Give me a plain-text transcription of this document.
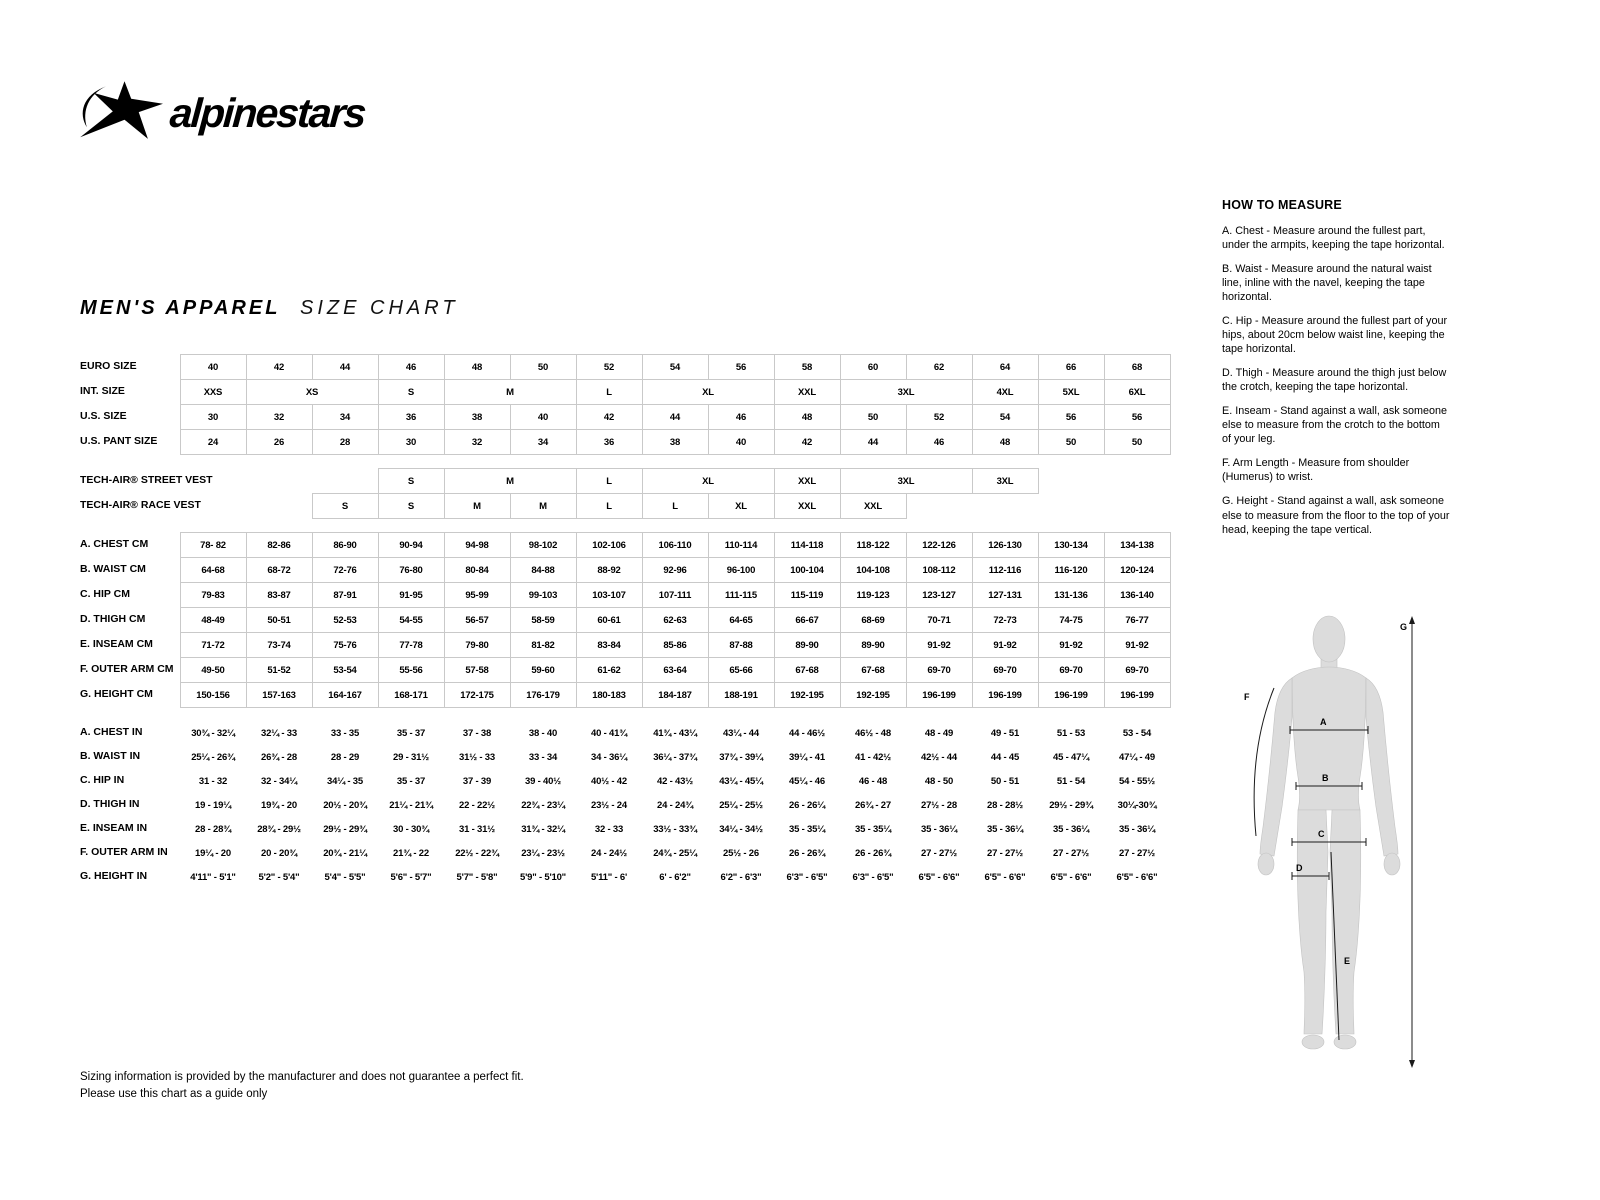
alpinestars
MEN'S APPAREL SIZE CHART
EURO SIZE	40	42	44	46	48	50	52	54	56	58	60	62	64	66	68
INT. SIZE	XXS	XS		S	M		L	XL		XXL	3XL		4XL	5XL	6XL
U.S. SIZE	30	32	34	36	38	40	42	44	46	48	50	52	54	56	56
U.S. PANT SIZE	24	26	28	30	32	34	36	38	40	42	44	46	48	50	50

TECH-AIR® STREET VEST				S	M		L	XL		XXL	3XL		3XL		
TECH-AIR® RACE VEST			S	S	M	M	L	L	XL	XXL	XXL				

A. CHEST CM	78- 82	82-86	86-90	90-94	94-98	98-102	102-106	106-110	110-114	114-118	118-122	122-126	126-130	130-134	134-138
B. WAIST CM	64-68	68-72	72-76	76-80	80-84	84-88	88-92	92-96	96-100	100-104	104-108	108-112	112-116	116-120	120-124
C. HIP CM	79-83	83-87	87-91	91-95	95-99	99-103	103-107	107-111	111-115	115-119	119-123	123-127	127-131	131-136	136-140
D. THIGH CM	48-49	50-51	52-53	54-55	56-57	58-59	60-61	62-63	64-65	66-67	68-69	70-71	72-73	74-75	76-77
E. INSEAM CM	71-72	73-74	75-76	77-78	79-80	81-82	83-84	85-86	87-88	89-90	89-90	91-92	91-92	91-92	91-92
F. OUTER ARM CM	49-50	51-52	53-54	55-56	57-58	59-60	61-62	63-64	65-66	67-68	67-68	69-70	69-70	69-70	69-70
G. HEIGHT CM	150-156	157-163	164-167	168-171	172-175	176-179	180-183	184-187	188-191	192-195	192-195	196-199	196-199	196-199	196-199

A. CHEST IN	30¾ - 32¼	32¼ - 33	33 - 35	35 - 37	37 - 38	38 - 40	40 - 41¾	41¾ - 43¼	43¼ - 44	44 - 46½	46½ - 48	48 - 49	49 - 51	51 - 53	53 - 54
B. WAIST IN	25¼ - 26¾	26¾ - 28	28 - 29	29 - 31½	31½ - 33	33 - 34	34 - 36¼	36¼ - 37¾	37¾ - 39¼	39¼ - 41	41 - 42½	42½ - 44	44 - 45	45 - 47¼	47¼ - 49
C. HIP IN	31 - 32	32 - 34¼	34¼ - 35	35 - 37	37 - 39	39 - 40½	40½ - 42	42 - 43½	43¼ - 45¼	45¼ - 46	46 - 48	48 - 50	50 - 51	51 - 54	54 - 55½
D. THIGH IN	19 - 19¼	19¾ - 20	20½ - 20¾	21¼ - 21¾	22 - 22½	22¾ - 23¼	23½ - 24	24 - 24¾	25¼ - 25½	26 - 26¼	26¾ - 27	27½ - 28	28 - 28½	29½ - 29¾	30¼-30¾
E. INSEAM IN	28 - 28¾	28¾ - 29½	29½ - 29¾	30 - 30¾	31 - 31½	31¾ - 32¼	32 - 33	33½ - 33¾	34¼ - 34½	35 - 35¼	35 - 35¼	35 - 36¼	35 - 36¼	35 - 36¼	35 - 36¼
F. OUTER ARM IN	19¼ - 20	20 - 20¾	20¾ - 21¼	21¾ - 22	22½ - 22¾	23¼ - 23½	24 - 24½	24¾ - 25¼	25½ - 26	26 - 26¾	26 - 26¾	27 - 27½	27 - 27½	27 - 27½	27 - 27½
G. HEIGHT IN	4'11" - 5'1"	5'2" - 5'4"	5'4" - 5'5"	5'6" - 5'7"	5'7" - 5'8"	5'9" - 5'10"	5'11" - 6'	6' - 6'2"	6'2" - 6'3"	6'3" - 6'5"	6'3" - 6'5"	6'5" - 6'6"	6'5" - 6'6"	6'5" - 6'6"	6'5" - 6'6"
HOW TO MEASURE

A. Chest - Measure around the fullest part, under the armpits, keeping the tape horizontal.

B. Waist - Measure around the natural waist line, inline with the navel, keeping the tape horizontal.

C. Hip - Measure around the fullest part of your hips, about 20cm below waist line, keeping the tape horizontal.

D. Thigh - Measure around the thigh just below the crotch, keeping the tape horizontal.

E. Inseam - Stand against a wall, ask someone else to measure from the crotch to the bottom of your leg.

F. Arm Length - Measure from shoulder (Humerus) to wrist.

G. Height - Stand against a wall, ask someone else to measure from the floor to the top of your head, keeping the tape vertical.

A
B
C
D
E
F
G

Sizing information is provided by the manufacturer and does not guarantee a perfect fit.

Please use this chart as a guide only
